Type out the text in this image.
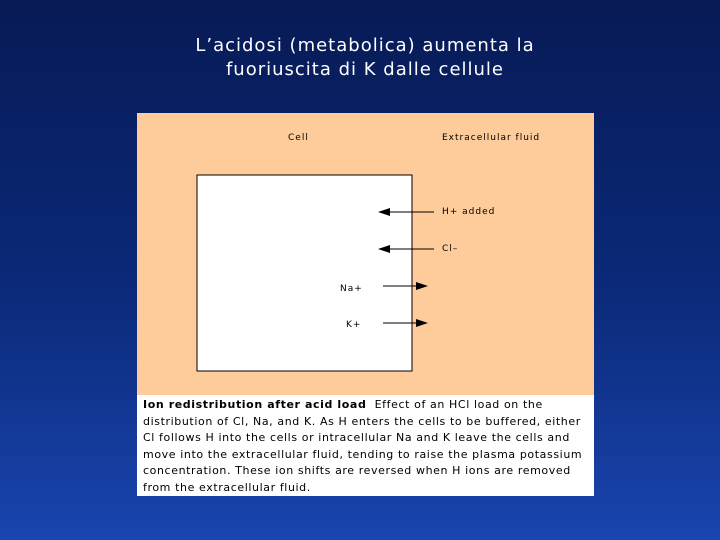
L’acidosi (metabolica) aumenta la
fuoriuscita di K dalle cellule
Cell	Extracellular fluid
H+ added
Cl–
Na+
K+
Ion redistribution after acid load Effect of an HCl load on the distribution of Cl, Na, and K. As H enters the cells to be buffered, either Cl follows H into the cells or intracellular Na and K leave the cells and move into the extracellular fluid, tending to raise the plasma potassium concentration. These ion shifts are reversed when H ions are removed from the extracellular fluid.
